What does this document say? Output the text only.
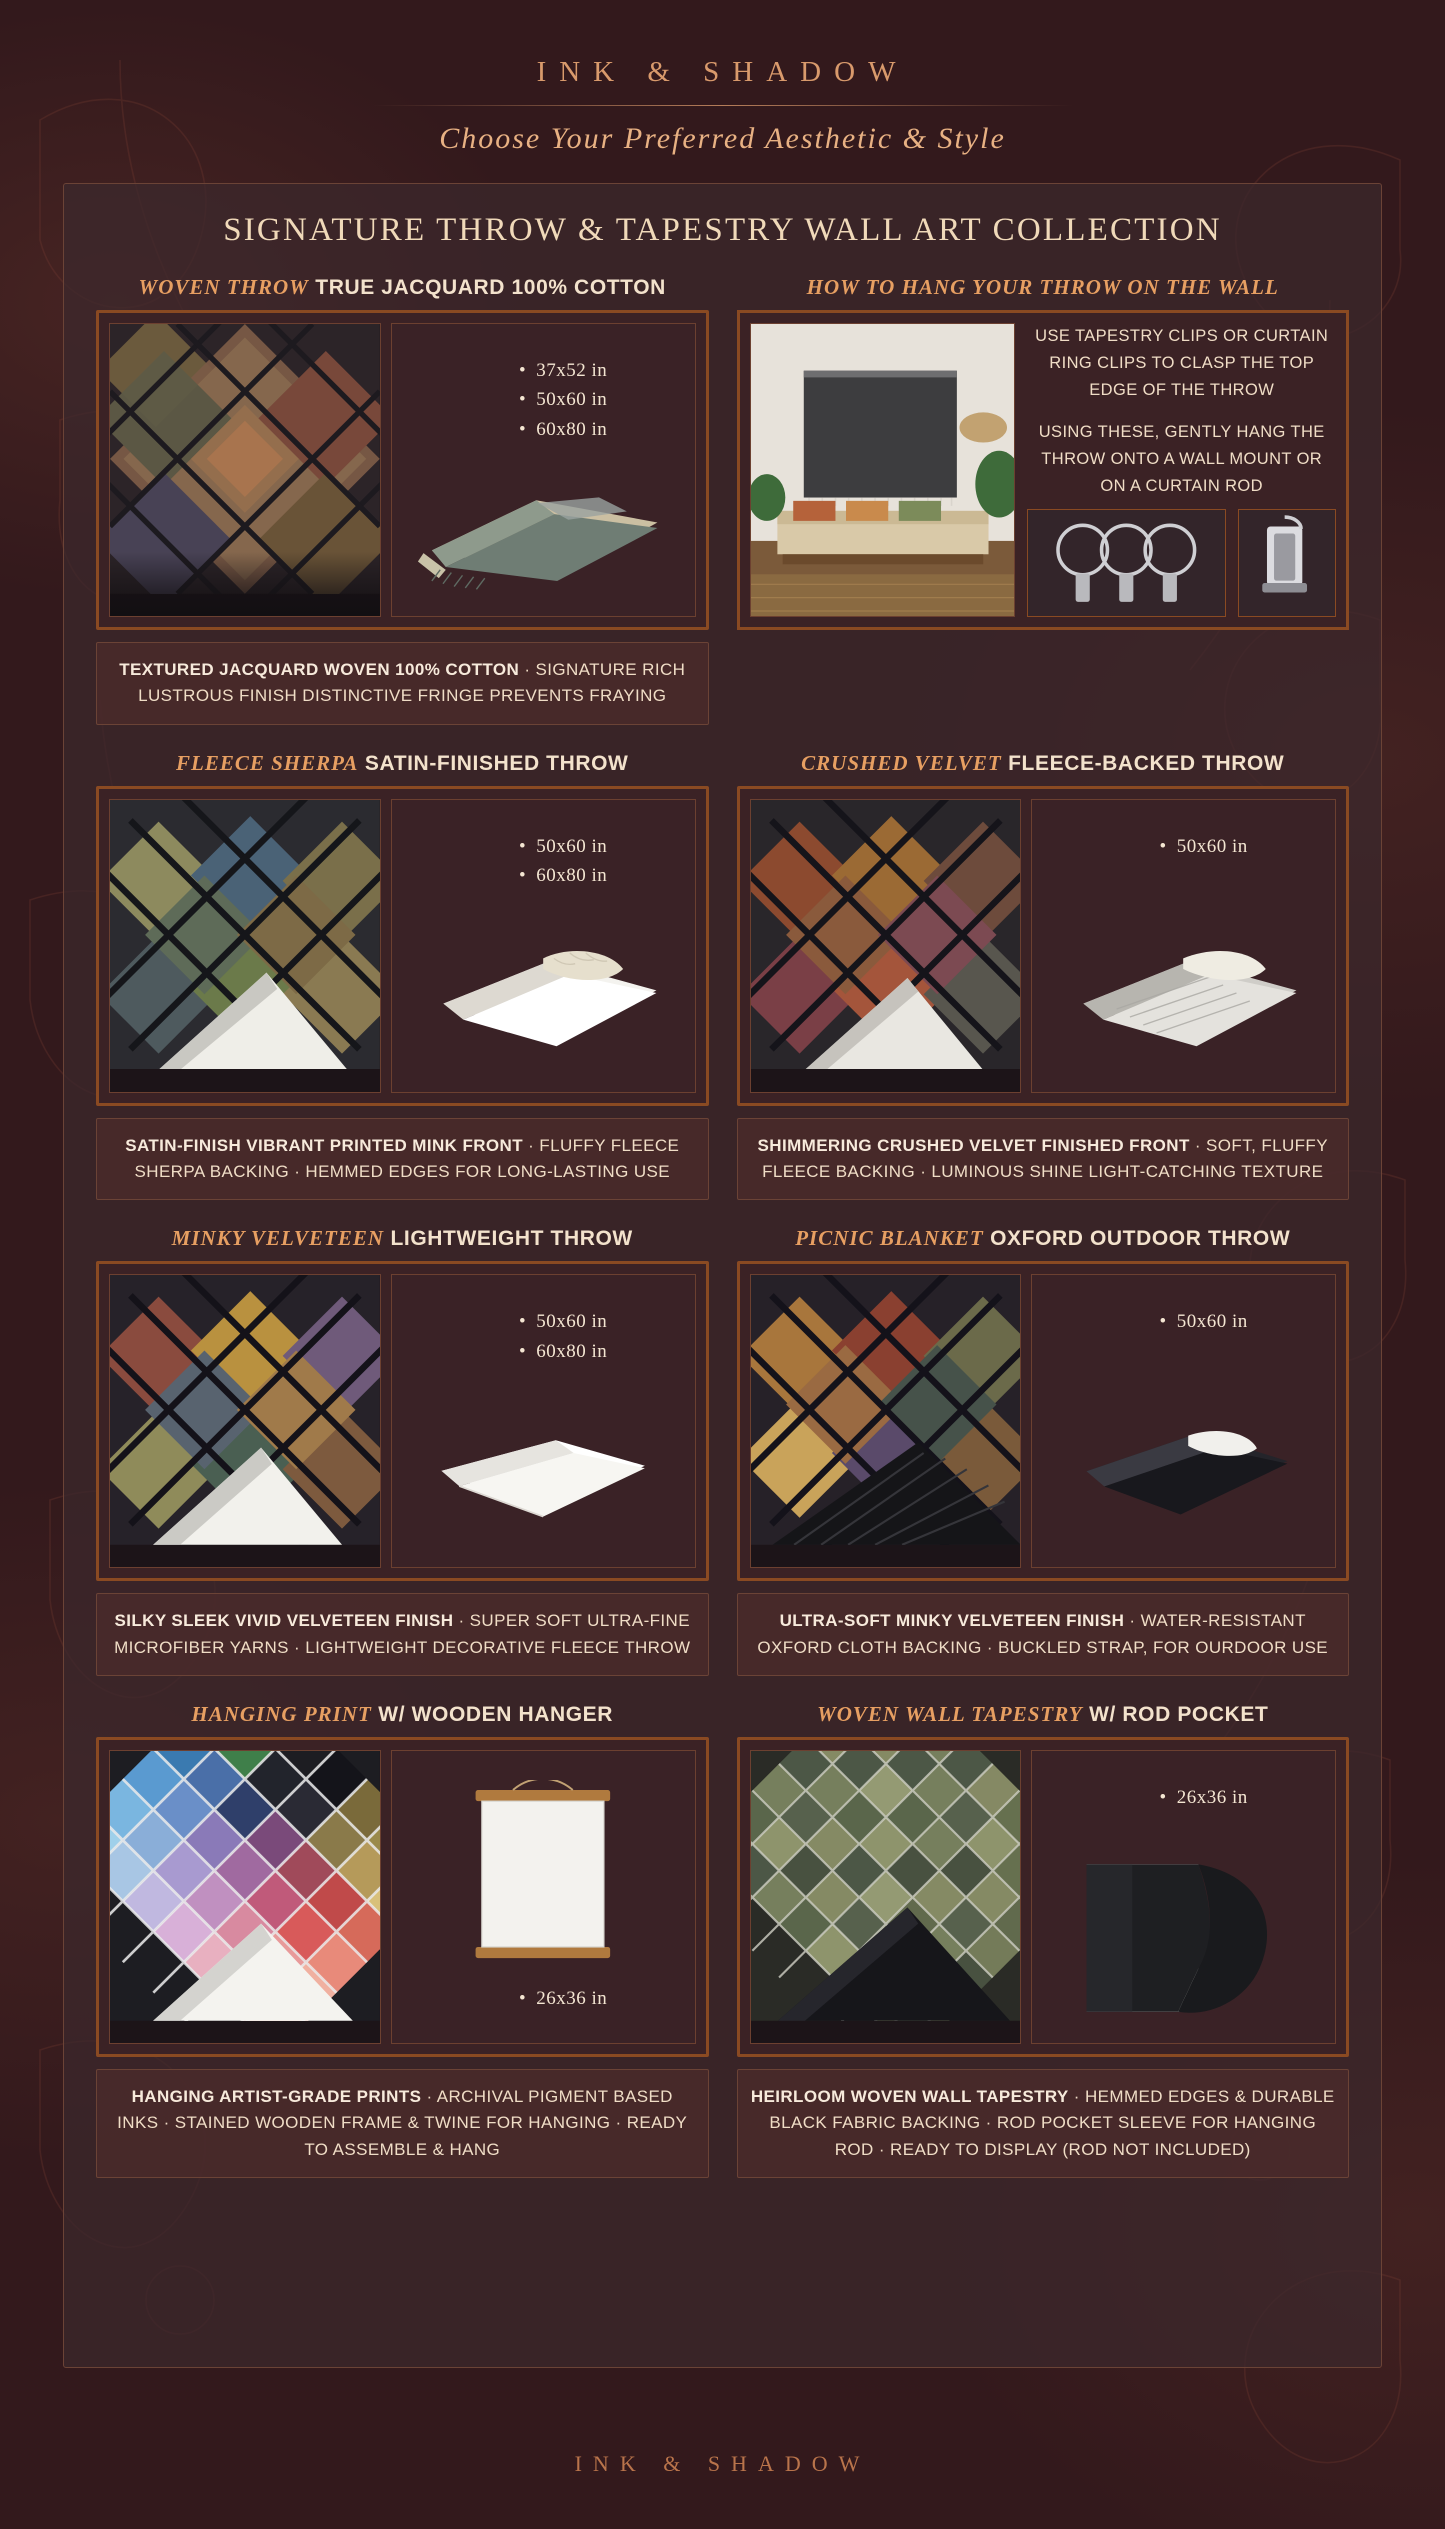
INK & SHADOW
Choose Your Preferred Aesthetic & Style
SIGNATURE THROW & TAPESTRY WALL ART COLLECTION
WOVEN THROW TRUE JACQUARD 100% COTTON
• 37x52 in
• 50x60 in
• 60x80 in
TEXTURED JACQUARD WOVEN 100% COTTON · SIGNATURE RICH LUSTROUS FINISH DISTINCTIVE FRINGE PREVENTS FRAYING
HOW TO HANG YOUR THROW ON THE WALL

USE TAPESTRY CLIPS OR CURTAIN RING CLIPS TO CLASP THE TOP EDGE OF THE THROW

USING THESE, GENTLY HANG THE THROW ONTO A WALL MOUNT OR ON A CURTAIN ROD

FLEECE SHERPA SATIN-FINISHED THROW
• 50x60 in
• 60x80 in
SATIN-FINISH VIBRANT PRINTED MINK FRONT · FLUFFY FLEECE SHERPA BACKING · HEMMED EDGES FOR LONG-LASTING USE
CRUSHED VELVET FLEECE-BACKED THROW
• 50x60 in
SHIMMERING CRUSHED VELVET FINISHED FRONT · SOFT, FLUFFY FLEECE BACKING · LUMINOUS SHINE LIGHT-CATCHING TEXTURE
MINKY VELVETEEN LIGHTWEIGHT THROW
• 50x60 in
• 60x80 in
SILKY SLEEK VIVID VELVETEEN FINISH · SUPER SOFT ULTRA-FINE MICROFIBER YARNS · LIGHTWEIGHT DECORATIVE FLEECE THROW
PICNIC BLANKET OXFORD OUTDOOR THROW
• 50x60 in
ULTRA-SOFT MINKY VELVETEEN FINISH · WATER-RESISTANT OXFORD CLOTH BACKING · BUCKLED STRAP, FOR OURDOOR USE
HANGING PRINT W/ WOODEN HANGER
• 26x36 in
HANGING ARTIST-GRADE PRINTS · ARCHIVAL PIGMENT BASED INKS · STAINED WOODEN FRAME & TWINE FOR HANGING · READY TO ASSEMBLE & HANG
WOVEN WALL TAPESTRY W/ ROD POCKET
• 26x36 in
HEIRLOOM WOVEN WALL TAPESTRY · HEMMED EDGES & DURABLE BLACK FABRIC BACKING · ROD POCKET SLEEVE FOR HANGING ROD · READY TO DISPLAY (ROD NOT INCLUDED)
INK & SHADOW
